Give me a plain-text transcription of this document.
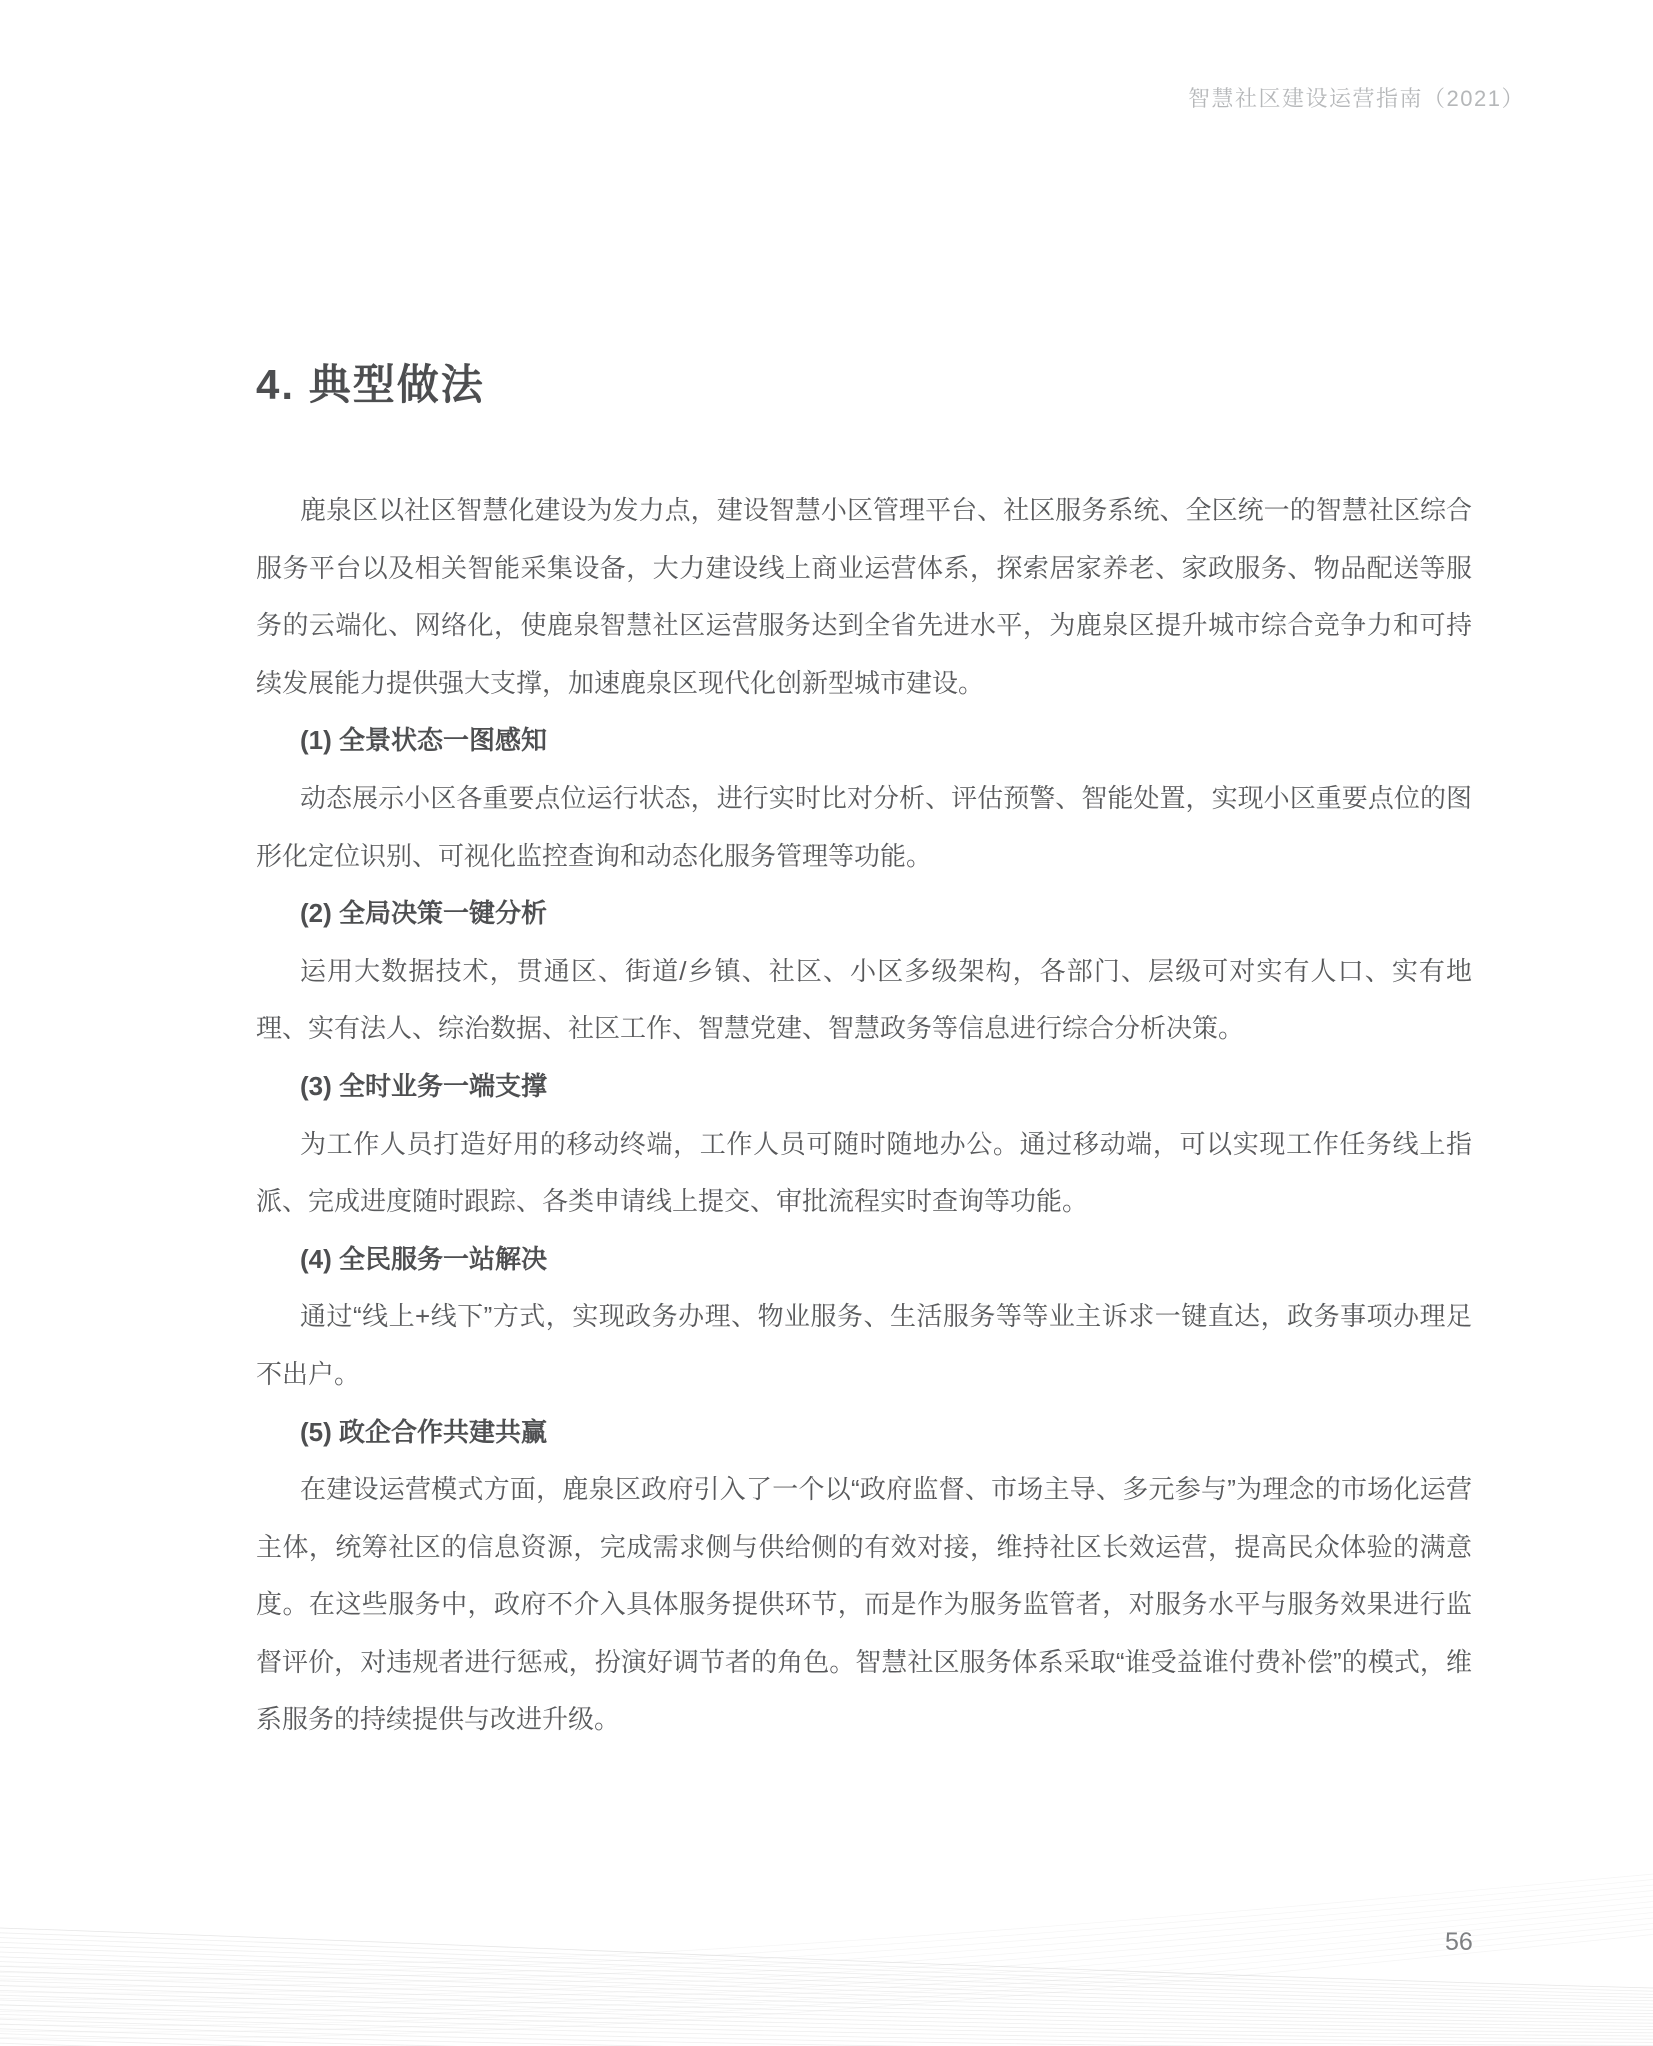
智慧社区建设运营指南（2021）
4. 典型做法

鹿泉区以社区智慧化建设为发力点，建设智慧小区管理平台、社区服务系统、全区统一的智慧社区综合服务平台以及相关智能采集设备，大力建设线上商业运营体系，探索居家养老、家政服务、物品配送等服务的云端化、网络化，使鹿泉智慧社区运营服务达到全省先进水平，为鹿泉区提升城市综合竞争力和可持续发展能力提供强大支撑，加速鹿泉区现代化创新型城市建设。

(1) 全景状态一图感知

动态展示小区各重要点位运行状态，进行实时比对分析、评估预警、智能处置，实现小区重要点位的图形化定位识别、可视化监控查询和动态化服务管理等功能。

(2) 全局决策一键分析

运用大数据技术，贯通区、街道/乡镇、社区、小区多级架构，各部门、层级可对实有人口、实有地理、实有法人、综治数据、社区工作、智慧党建、智慧政务等信息进行综合分析决策。

(3) 全时业务一端支撑

为工作人员打造好用的移动终端，工作人员可随时随地办公。通过移动端，可以实现工作任务线上指派、完成进度随时跟踪、各类申请线上提交、审批流程实时查询等功能。

(4) 全民服务一站解决

通过“线上+线下”方式，实现政务办理、物业服务、生活服务等等业主诉求一键直达，政务事项办理足不出户。

(5) 政企合作共建共赢

在建设运营模式方面，鹿泉区政府引入了一个以“政府监督、市场主导、多元参与”为理念的市场化运营主体，统筹社区的信息资源，完成需求侧与供给侧的有效对接，维持社区长效运营，提高民众体验的满意度。在这些服务中，政府不介入具体服务提供环节，而是作为服务监管者，对服务水平与服务效果进行监督评价，对违规者进行惩戒，扮演好调节者的角色。智慧社区服务体系采取“谁受益谁付费补偿”的模式，维系服务的持续提供与改进升级。

56
